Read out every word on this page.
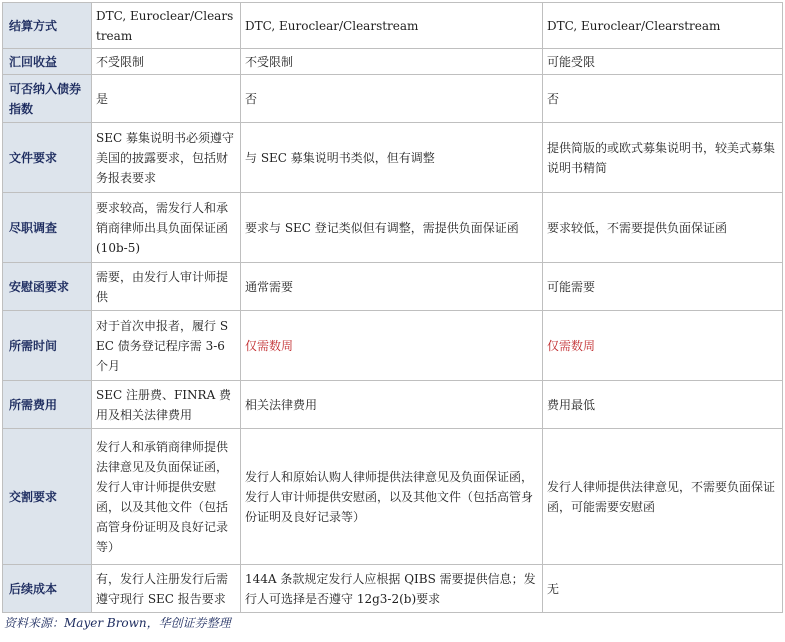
结算方式	DTC, Euroclear/Clearstream	DTC, Euroclear/Clearstream	DTC, Euroclear/Clearstream
汇回收益	不受限制	不受限制	可能受限
可否纳入债券指数	是	否	否
文件要求	SEC 募集说明书必须遵守美国的披露要求，包括财务报表要求	与 SEC 募集说明书类似，但有调整	提供简版的或欧式募集说明书，较美式募集说明书精简
尽职调查	要求较高，需发行人和承销商律师出具负面保证函(10b-5)	要求与 SEC 登记类似但有调整，需提供负面保证函	要求较低，不需要提供负面保证函
安慰函要求	需要，由发行人审计师提供	通常需要	可能需要
所需时间	对于首次申报者，履行 SEC 债务登记程序需 3-6 个月	仅需数周	仅需数周
所需费用	SEC 注册费、FINRA 费用及相关法律费用	相关法律费用	费用最低
交割要求	发行人和承销商律师提供法律意见及负面保证函，发行人审计师提供安慰函，以及其他文件（包括高管身份证明及良好记录等）	发行人和原始认购人律师提供法律意见及负面保证函，发行人审计师提供安慰函，以及其他文件（包括高管身份证明及良好记录等）	发行人律师提供法律意见，不需要负面保证函，可能需要安慰函
后续成本	有，发行人注册发行后需遵守现行 SEC 报告要求	144A 条款规定发行人应根据 QIBS 需要提供信息；发行人可选择是否遵守 12g3-2(b)要求	无
资料来源：Mayer Brown，华创证券整理
